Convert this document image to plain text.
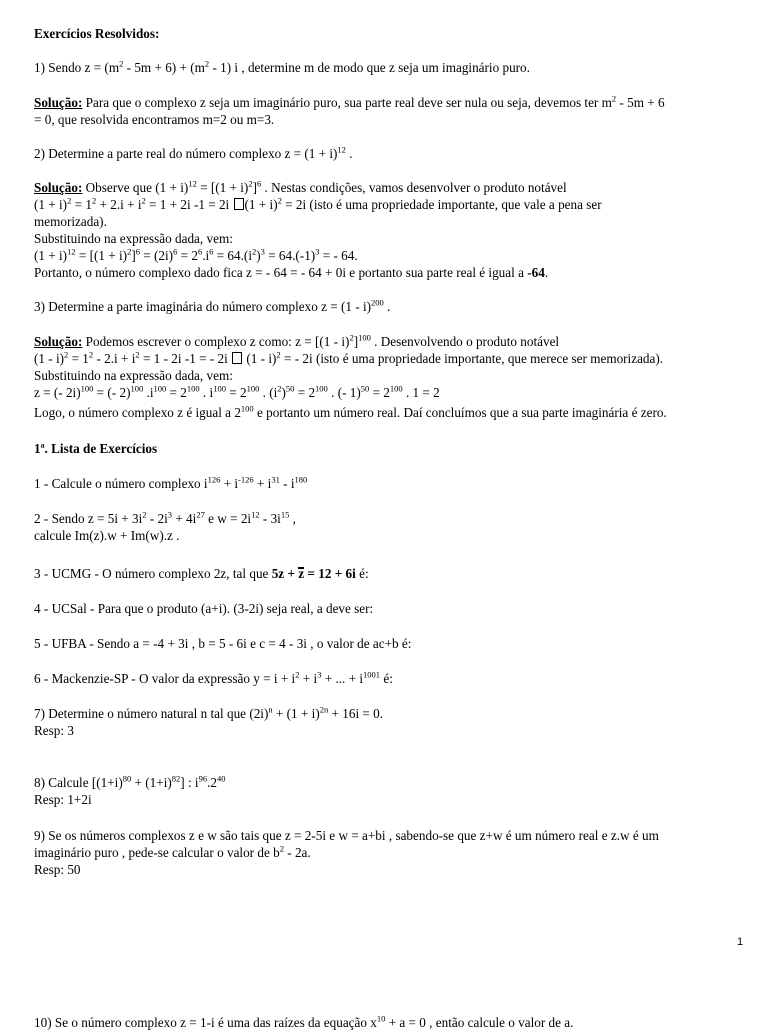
Exercícios Resolvidos:
1) Sendo $z = (m^2 - 5m + 6) + (m^2 - 1)$ i , determine m de modo que z seja um imaginário puro.
Solução: Para que o complexo z seja um imaginário puro, sua parte real deve ser nula ou seja, devemos ter $m^2 - 5m + 6$
= 0, que resolvida encontramos m=2 ou m=3.
2) Determine a parte real do número complexo $z = (1 + i)^{12}$ .
Solução: Observe que $(1 + i)^{12} = [(1 + i)^2]^6$ . Nestas condições, vamos desenvolver o produto notável
$(1 + i)^2 = 1^2 + 2.i + i^2 = 1 + 2i$ -1 = 2i $(1 + i)^2 = 2i$ (isto é uma propriedade importante, que vale a pena ser
memorizada).
Substituindo na expressão dada, vem:
$(1 + i)^{12} = [(1 + i)^2]^6 = (2i)^6 = 2^6.i^6 = 64.(i^2)^3 = 64.(-1)^3$ = - 64.
Portanto, o número complexo dado fica z = - 64 = - 64 + 0i e portanto sua parte real é igual a -64.
3) Determine a parte imaginária do número complexo z = (1 - i)$^{200}$ .
Solução: Podemos escrever o complexo z como: z = [(1 - i)$^2$]$^{100}$ . Desenvolvendo o produto notável
$(1 - i)^2 = 1^2 - 2.i + i^2 = 1 - 2i$ -1 = - 2i  (1 - i)$^2$ = - 2i (isto é uma propriedade importante, que merece ser memorizada).
Substituindo na expressão dada, vem:
z = (- 2i)$^{100}$ = (- 2)$^{100}$ $.i^{100} = 2^{100}$ . $i^{100} = 2^{100}$ . $(i^2)^{50} = 2^{100}$ . (- $1)^{50} = 2^{100}$ . 1 = 2
Logo, o número complexo z é igual a $2^{100}$ e portanto um número real. Daí concluímos que a sua parte imaginária é zero.
1ª. Lista de Exercícios
1 - Calcule o número complexo $i^{126} + i^{-126} + i^{31} - i^{180}$
2 - Sendo $z = 5i + 3i^2 - 2i^3 + 4i^{27}$ e $w = 2i^{12} - 3i^{15}$ ,
calcule Im(z).w + Im(w).z .
3 - UCMG - O número complexo 2z, tal que 5z + z = 12 + 6i é:
4 - UCSal - Para que o produto (a+i). (3-2i) seja real, a deve ser:
5 - UFBA - Sendo a = -4 + 3i , b = 5 - 6i e c = 4 - 3i , o valor de ac+b é:
6 - Mackenzie-SP - O valor da expressão $y = i + i^2 + i^3$ + ... + $i^{1001}$ é:
7) Determine o número natural n tal que $(2i)^n + (1 + i)^{2n} + 16i = 0$.
Resp: 3
8) Calcule $[(1+i)^{80} + (1+i)^{82}]$ : $i^{96}.2^{40}$
Resp: 1+2i
9) Se os números complexos z e w são tais que z = 2-5i e w = a+bi , sabendo-se que z+w é um número real e z.w é um
imaginário puro , pede-se calcular o valor de $b^2 - 2a$.
Resp: 50
1
10) Se o número complexo z = 1-i é uma das raízes da equação $x^{10} + a = 0$ , então calcule o valor de a.
